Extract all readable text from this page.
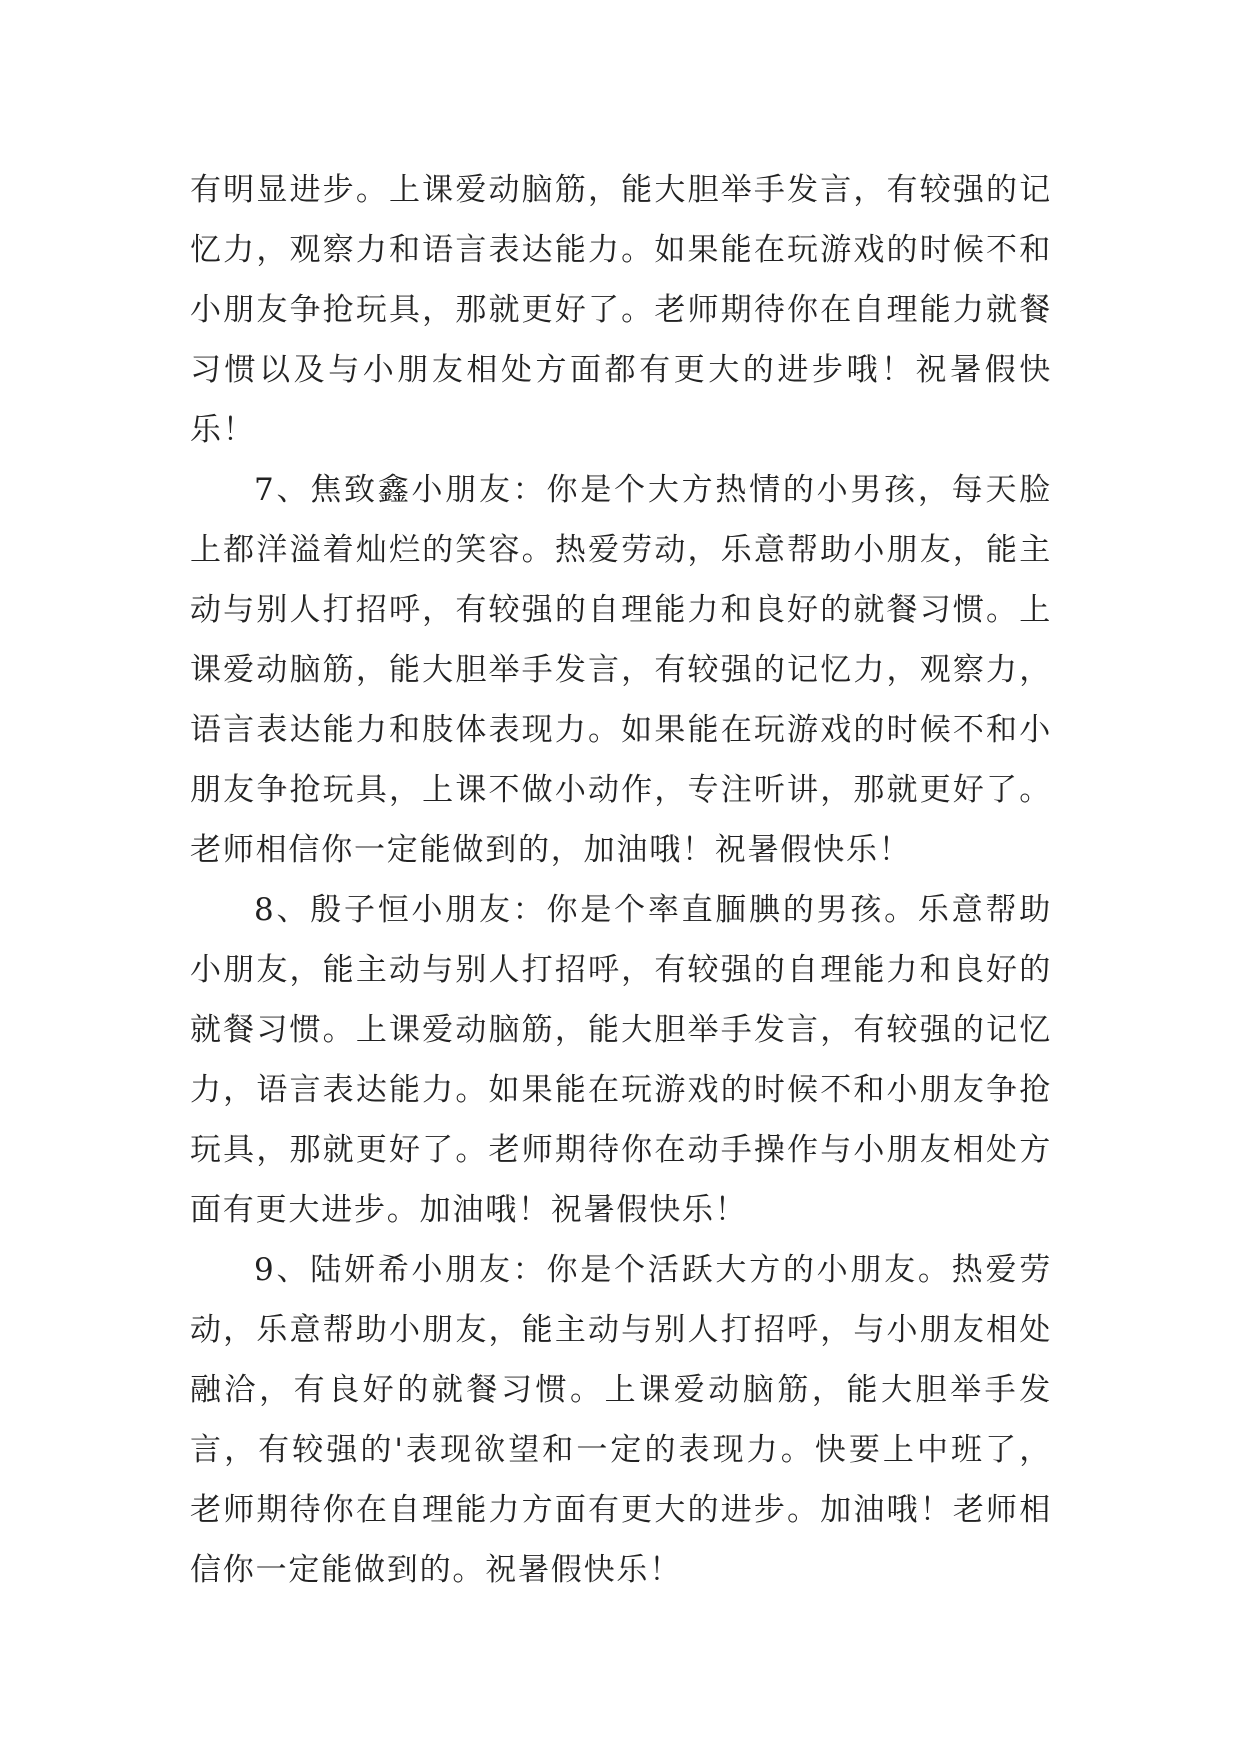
有明显进步。上课爱动脑筋，能大胆举手发言，有较强的记忆力，观察力和语言表达能力。如果能在玩游戏的时候不和小朋友争抢玩具，那就更好了。老师期待你在自理能力就餐习惯以及与小朋友相处方面都有更大的进步哦！祝暑假快乐！

7、焦致鑫小朋友：你是个大方热情的小男孩，每天脸上都洋溢着灿烂的笑容。热爱劳动，乐意帮助小朋友，能主动与别人打招呼，有较强的自理能力和良好的就餐习惯。上课爱动脑筋，能大胆举手发言，有较强的记忆力，观察力，语言表达能力和肢体表现力。如果能在玩游戏的时候不和小朋友争抢玩具，上课不做小动作，专注听讲，那就更好了。老师相信你一定能做到的，加油哦！祝暑假快乐！

8、殷子恒小朋友：你是个率直腼腆的男孩。乐意帮助小朋友，能主动与别人打招呼，有较强的自理能力和良好的就餐习惯。上课爱动脑筋，能大胆举手发言，有较强的记忆力，语言表达能力。如果能在玩游戏的时候不和小朋友争抢玩具，那就更好了。老师期待你在动手操作与小朋友相处方面有更大进步。加油哦！祝暑假快乐！

9、陆妍希小朋友：你是个活跃大方的小朋友。热爱劳动，乐意帮助小朋友，能主动与别人打招呼，与小朋友相处融洽，有良好的就餐习惯。上课爱动脑筋，能大胆举手发言，有较强的'表现欲望和一定的表现力。快要上中班了，老师期待你在自理能力方面有更大的进步。加油哦！老师相信你一定能做到的。祝暑假快乐！
